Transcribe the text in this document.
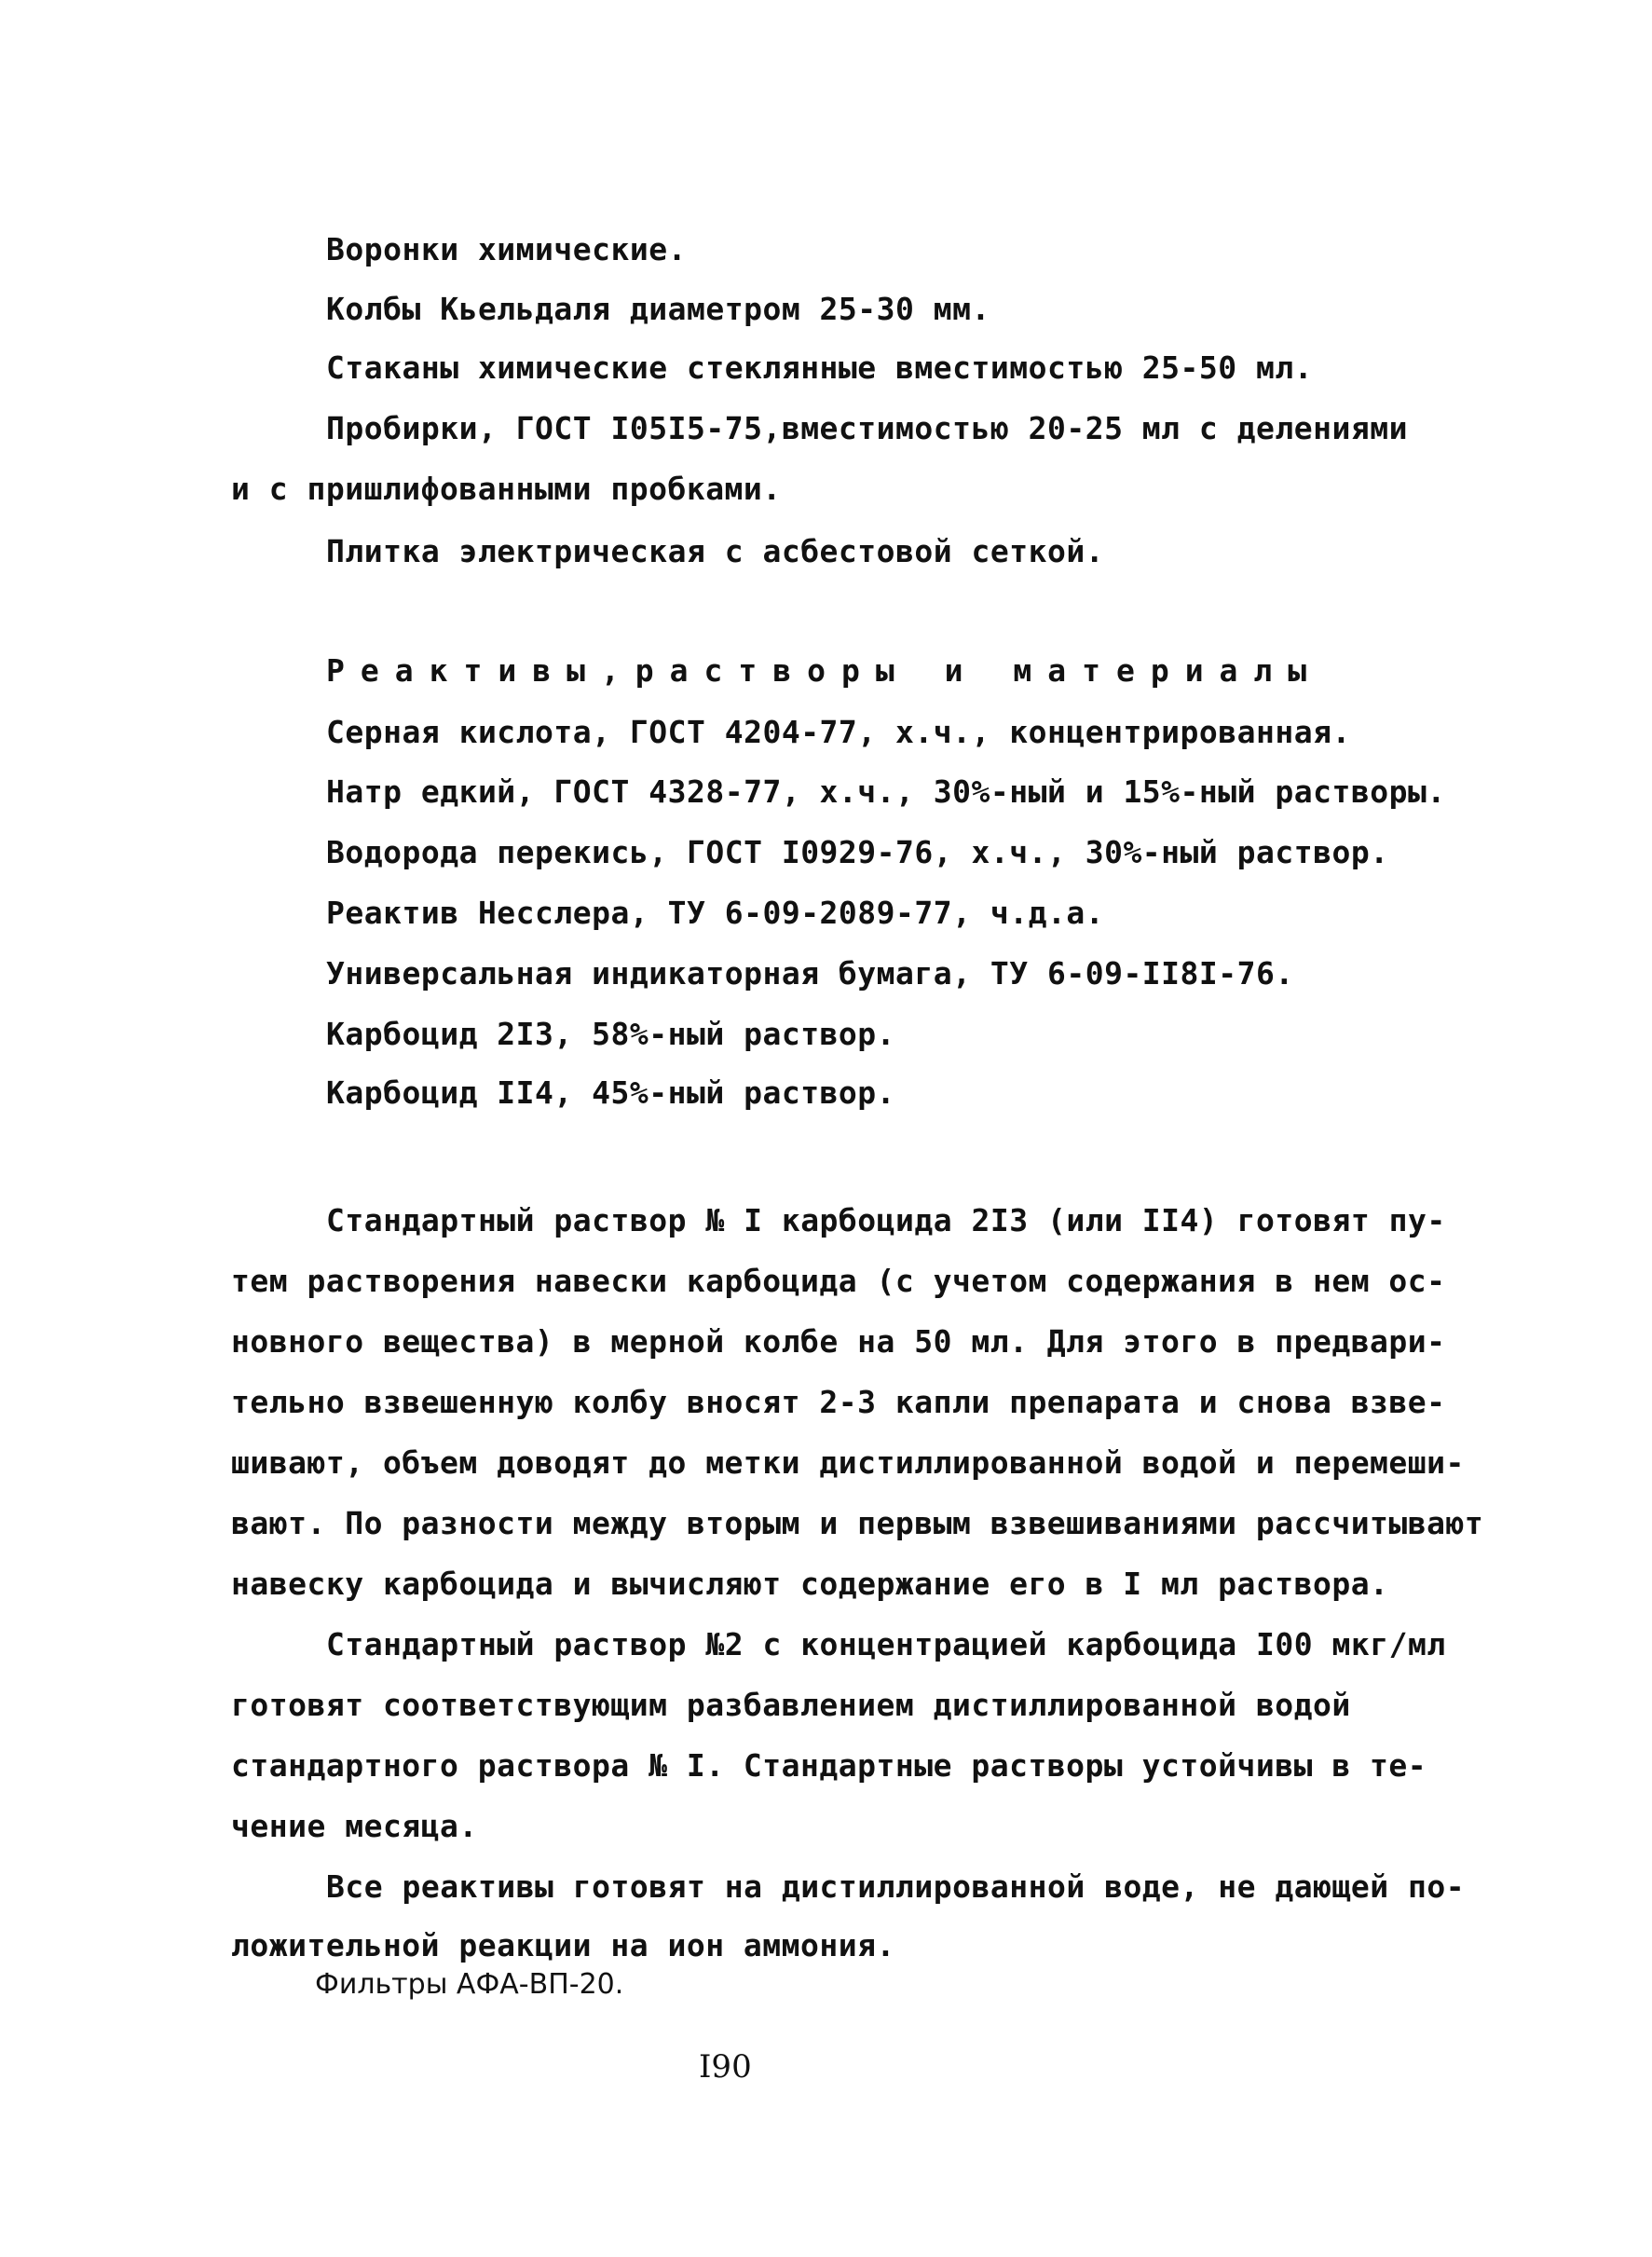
Воронки химические.
Колбы Кьельдаля диаметром 25-30 мм.
Стаканы химические стеклянные вместимостью 25-50 мл.
Пробирки, ГОСТ I05I5-75,вместимостью 20-25 мл с делениями
и с пришлифованными пробками.
Плитка электрическая с асбестовой сеткой.
Реактивы,растворы и материалы
Серная кислота, ГОСТ 4204-77, х.ч., концентрированная.
Натр едкий, ГОСТ 4328-77, х.ч., 30%-ный и 15%-ный растворы.
Водорода перекись, ГОСТ I0929-76, х.ч., 30%-ный раствор.
Реактив Несслера, ТУ 6-09-2089-77, ч.д.а.
Универсальная индикаторная бумага, ТУ 6-09-II8I-76.
Карбоцид 2I3, 58%-ный раствор.
Карбоцид II4, 45%-ный раствор.
Стандартный раствор № I карбоцида 2I3 (или II4) готовят пу-
тем растворения навески карбоцида (с учетом содержания в нем ос-
новного вещества) в мерной колбе на 50 мл. Для этого в предвари-
тельно взвешенную колбу вносят 2-3 капли препарата и снова взве-
шивают, объем доводят до метки дистиллированной водой и перемеши-
вают. По разности между вторым и первым взвешиваниями рассчитывают
навеску карбоцида и вычисляют содержание его в I мл раствора.
Стандартный раствор №2 с концентрацией карбоцида I00 мкг/мл
готовят соответствующим разбавлением дистиллированной водой
стандартного раствора № I. Стандартные растворы устойчивы в те-
чение месяца.
Все реактивы готовят на дистиллированной воде, не дающей по-
ложительной реакции на ион аммония.
Фильтры АФА-ВП-20.
I90
